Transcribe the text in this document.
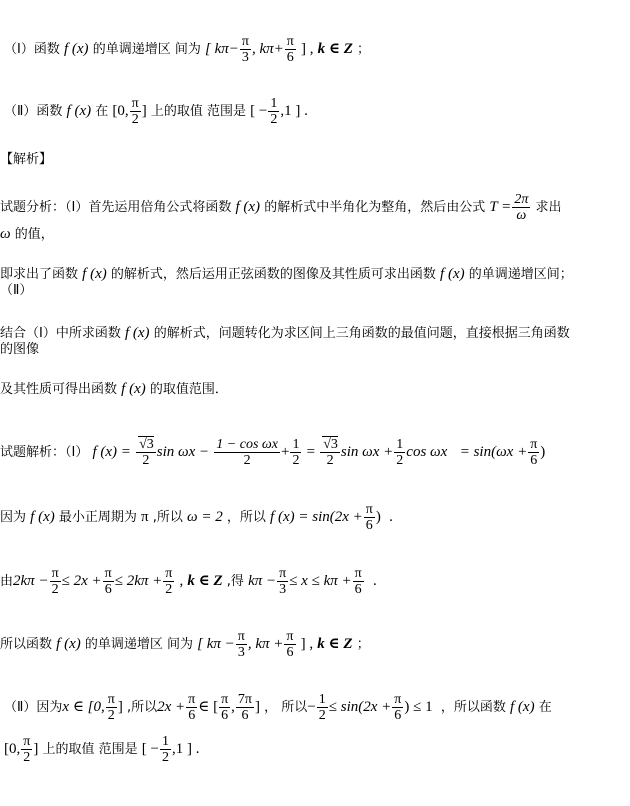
（Ⅰ）函数 f (x) 的单调递增区 间为 [ $k\pi- \frac{\pi}{3}$ , $k\pi+ \frac{\pi}{6}$ ] , k ∈ Z ；
（Ⅱ）函数 f (x) 在 [0, $\frac{\pi}{2}$ ] 上的取值 范围是 [ − $\frac{1}{2} ,1$ ] .
【解析】
试题分析：（Ⅰ）首先运用倍角公式将函数 f (x) 的解析式中半角化为整角，然后由公式 $T = \frac{2\pi}{\omega}$ 求出
ω 的值，
即求出了函数 f (x) 的解析式，然后运用正弦函数的图像及其性质可求出函数 f (x) 的单调递增区间；
（Ⅱ）
结合（Ⅰ）中所求函数 f (x) 的解析式，问题转化为求区间上三角函数的最值问题，直接根据三角函数
的图像
及其性质可得出函数 f (x) 的取值范围．
试题解析：（Ⅰ） f $(x) = \frac{√3}{2}$ $\sin \omega x - \frac{\text{1 − cos ωx}}{2} + \frac{1}{2} = \frac{√3}{2}$ $\sin \omega x + \frac{1}{2}$ $\cos \omega x = \sin(\omega x + \frac{\pi}{6}$ )
因为 f (x) 最小正周期为 π ,所以 ω = 2 ，所以 f $(x) = \sin(2x + \frac{\pi}{6}$ ) .
由$2k\pi - \frac{\pi}{2} \le 2x + \frac{\pi}{6} \le 2k\pi + \frac{\pi}{2}$ , k ∈ Z ,得 $k\pi - \frac{\pi}{3} \le x \le k\pi + \frac{\pi}{6}$ .
所以函数 f (x) 的单调递增区 间为 [ $k\pi - \frac{\pi}{3}$ , $k\pi + \frac{\pi}{6}$ ] , k ∈ Z ；
（Ⅱ）因为x ∈ [0, $\frac{\pi}{2}$ ] ,所以$2x + \frac{\pi}{6}$ ∈ [ $\frac{\pi}{6}$ , $\frac{7\pi}{6}$ ] ， 所以− $\frac{1}{2} \le \sin(2x + \frac{\pi}{6}$ ) ≤ 1 ，所以函数 f (x) 在
[0, $\frac{\pi}{2}$ ] 上的取值 范围是 [ − $\frac{1}{2} ,1$ ] .
